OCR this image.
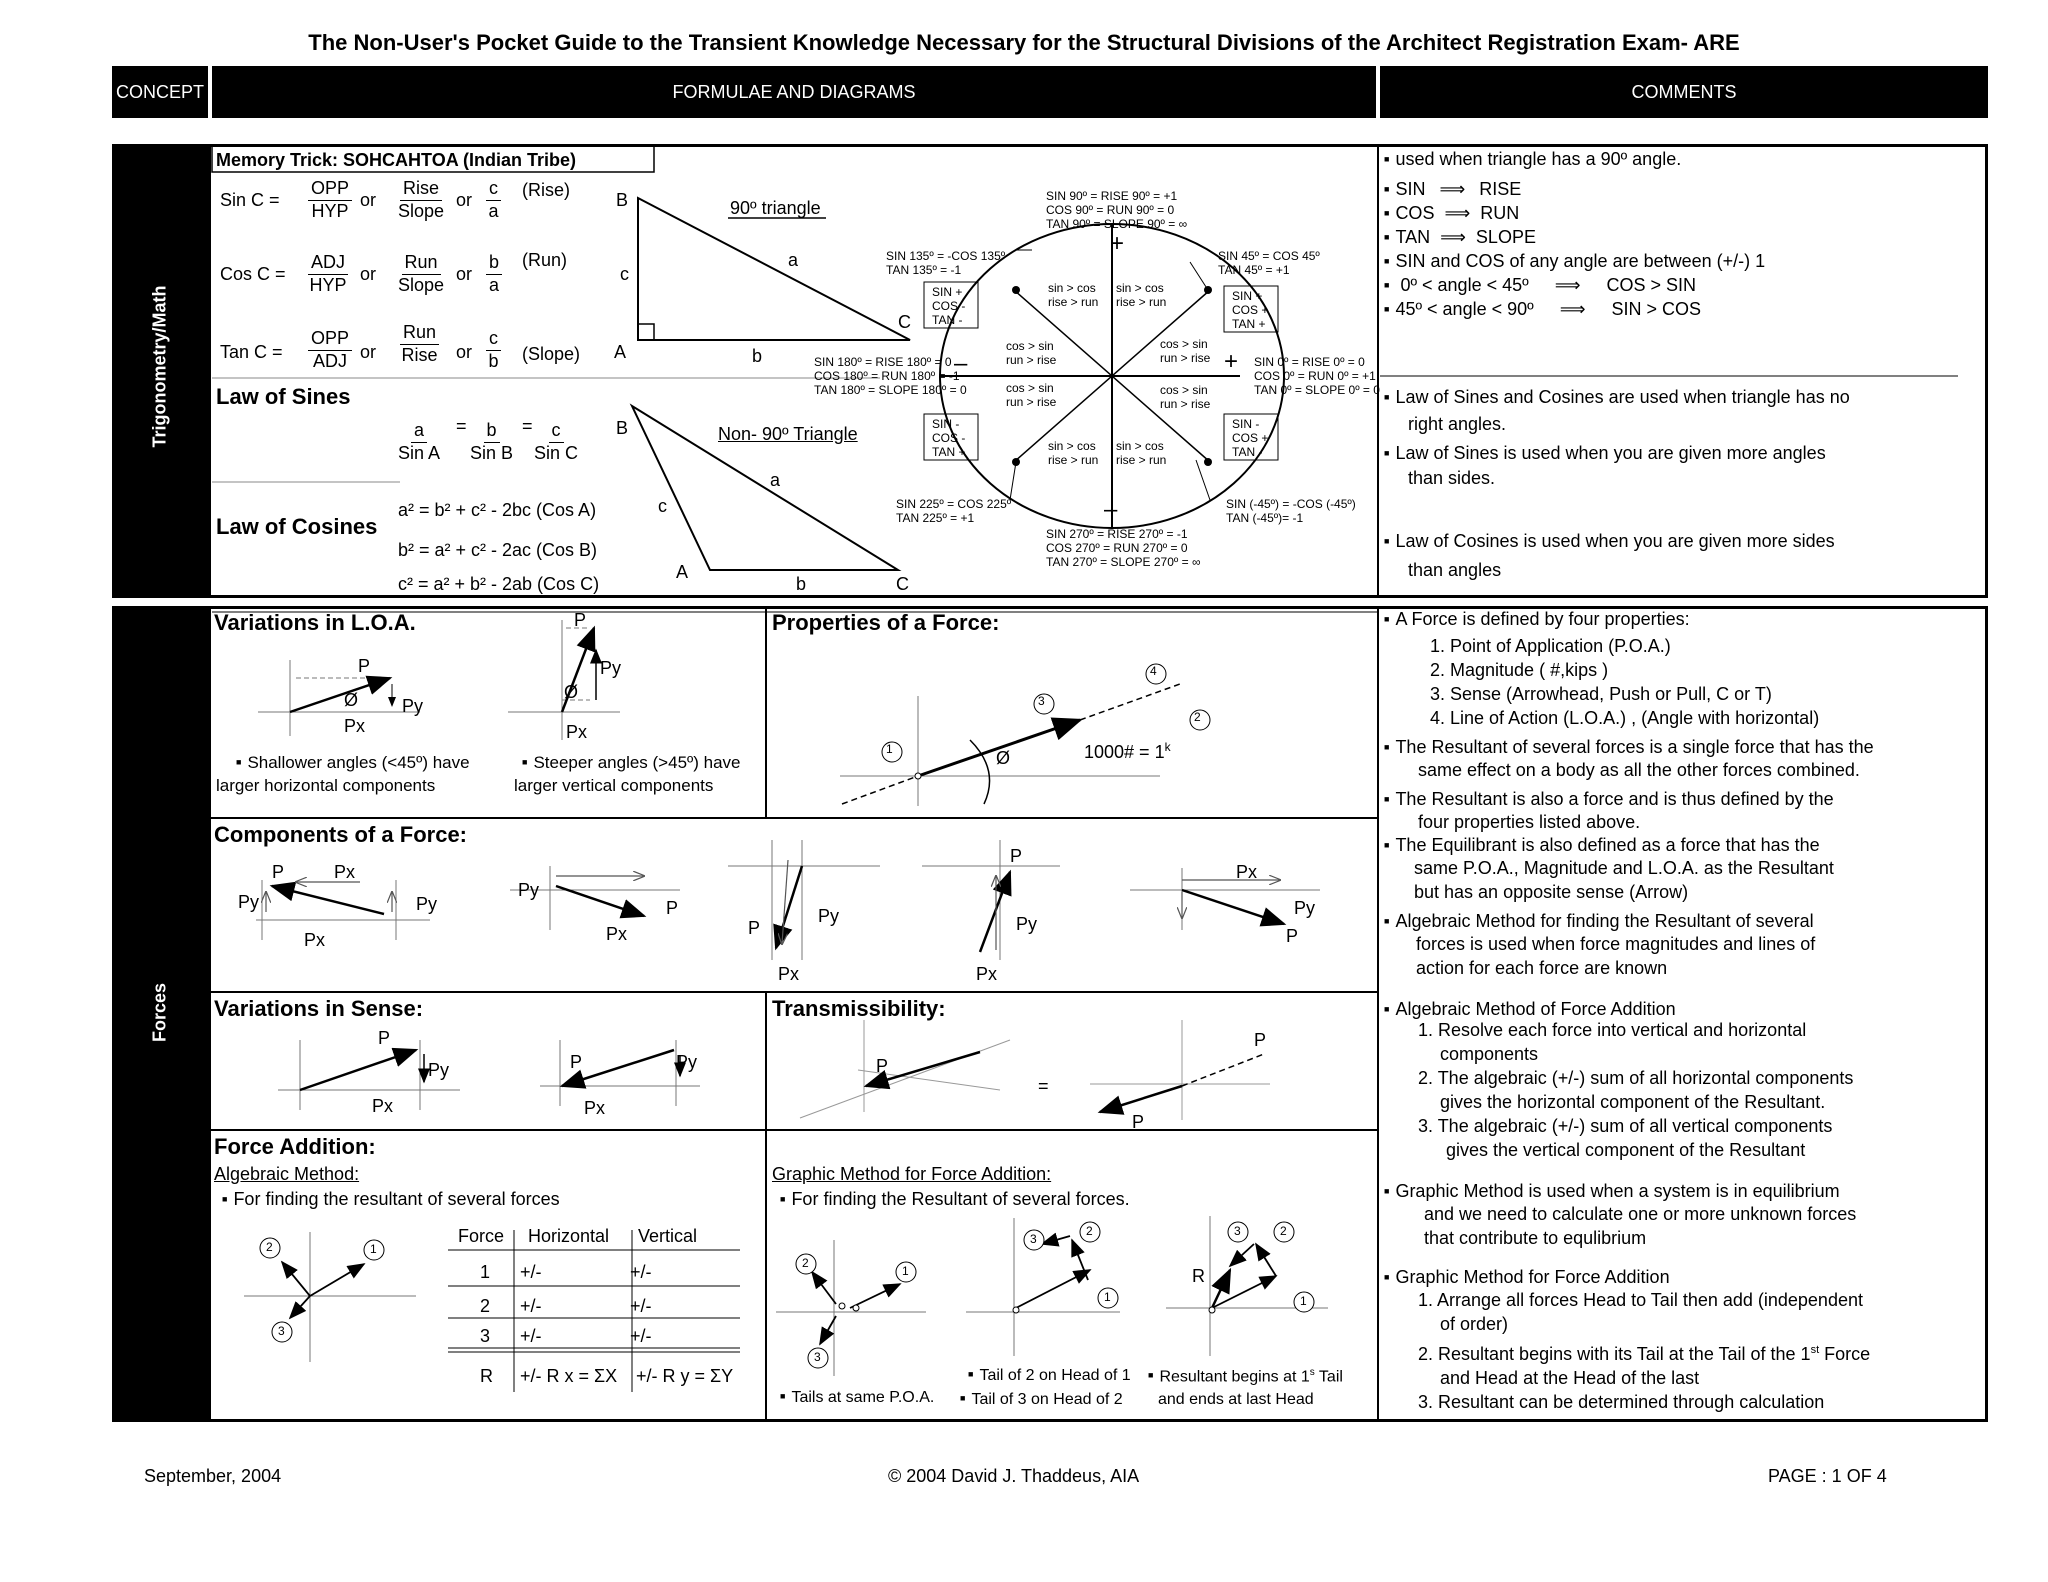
The Non-User's Pocket Guide to the Transient Knowledge Necessary for the Structural Divisions of the Architect Registration Exam- ARE
CONCEPT	FORMULAE AND DIAGRAMS	COMMENTS
Trigonometry/Math
Forces
Memory Trick: SOHCAHTOA (Indian Tribe)
Sin C =
OPP
HYP
or
Rise
Slope
or $\frac{c}{a}$ (Rise)
Cos C =
ADJ
HYP
or
Run
Slope
or $\frac{b}{a} (Run)$
Tan C =
OPP
ADJ or
Run
Rise or $\frac{c}{b}$ (Slope)
B	90º triangle
a
c
C
A	b
Law of Sines
a
Sin A
= b
Sin B
= c
Sin C
B	Non- 90º Triangle
a
c
A
b	C
Law of Cosines
a² = b² + c² - 2bc (Cos A)
b² = a² + c² - 2ac (Cos B)
c² = a² + b² - 2ab (Cos C)
SIN 90º = RISE 90º = +1
COS 90º = RUN 90º = 0
TAN 90º = SLOPE 90º = ∞
SIN 135º = -COS 135º
TAN 135º = -1
SIN 45º = COS 45º
TAN 45º = +1
SIN 180º = RISE 180º = 0
COS 180º = RUN 180º = -1
TAN 180º = SLOPE 180º = 0
SIN 0º = RISE 0º = 0
COS 0º = RUN 0º = +1
TAN 0º = SLOPE 0º = 0
SIN 225º = COS 225º
TAN 225º = +1
SIN (-45º) = -COS (-45º)
TAN (-45º)= -1
SIN 270º = RISE 270º = -1
COS 270º = RUN 270º = 0
TAN 270º = SLOPE 270º = ∞
SIN +
COS -
TAN -
SIN +
COS +
TAN +
SIN -
COS -
TAN +
SIN -
COS +
TAN -
sin > cos
rise > run
sin > cos
rise > run
cos > sin
run > rise
cos > sin
run > rise
cos > sin
run > rise
cos > sin
run > rise
sin > cos
rise > run
sin > cos
rise > run
+
+
–
–
■ used when triangle has a 90º angle.
■ SIN ⟹ RISE
■ COS ⟹ RUN
■ TAN ⟹ SLOPE
■ SIN and COS of any angle are between (+/-) 1
■ 0º < angle < 45º ⟹ COS > SIN
■ 45º < angle < 90º ⟹ SIN > COS
■ Law of Sines and Cosines are used when triangle has no
right angles.
■ Law of Sines is used when you are given more angles
than sides.
■ Law of Cosines is used when you are given more sides
than angles
Variations in L.O.A.
P
Ø Py
Px
P
Py
Ø
Px
■ Shallower angles (<45º) have
larger horizontal components
■ Steeper angles (>45º) have
larger vertical components
Properties of a Force:
1
3
4
2
Ø	1000# = $1^k$
Components of a Force:
P	Px
Py	Py
Px
Py
P
Px	P
Py
Px
P
Py
Px
Px
Py
P
Variations in Sense:
P
Py
Px
P	Py
Px
Transmissibility:
P
=
P
P
Force Addition:
Algebraic Method:
■ For finding the resultant of several forces
2	1
3
Force Horizontal Vertical
1 +/-	+/-
2 +/-	+/-
3 +/-	+/-
R +/- R x = ΣX +/- R y = ΣY
Graphic Method for Force Addition:
■ For finding the Resultant of several forces.
2
1
3
3
2
1
3	2
1
R
■ Tails at same P.O.A.
■ Tail of 2 on Head of 1
■ Tail of 3 on Head of 2
■ Resultant begins at 1$^s$ Tail
and ends at last Head
■ A Force is defined by four properties:
1. Point of Application (P.O.A.)
2. Magnitude ( #,kips )
3. Sense (Arrowhead, Push or Pull, C or T)
4. Line of Action (L.O.A.) , (Angle with horizontal)
■ The Resultant of several forces is a single force that has the
same effect on a body as all the other forces combined.
■ The Resultant is also a force and is thus defined by the
four properties listed above.
■ The Equilibrant is also defined as a force that has the
same P.O.A., Magnitude and L.O.A. as the Resultant
but has an opposite sense (Arrow)
■ Algebraic Method for finding the Resultant of several
forces is used when force magnitudes and lines of
action for each force are known
■ Algebraic Method of Force Addition
1. Resolve each force into vertical and horizontal
components
2. The algebraic (+/-) sum of all horizontal components
gives the horizontal component of the Resultant.
3. The algebraic (+/-) sum of all vertical components
gives the vertical component of the Resultant
■ Graphic Method is used when a system is in equilibrium
and we need to calculate one or more unknown forces
that contribute to equlibrium
■ Graphic Method for Force Addition
1. Arrange all forces Head to Tail then add (independent
of order)
2. Resultant begins with its Tail at the Tail of the 1st Force
and Head at the Head of the last
3. Resultant can be determined through calculation
September, 2004	© 2004 David J. Thaddeus, AIA	PAGE : 1 OF 4
